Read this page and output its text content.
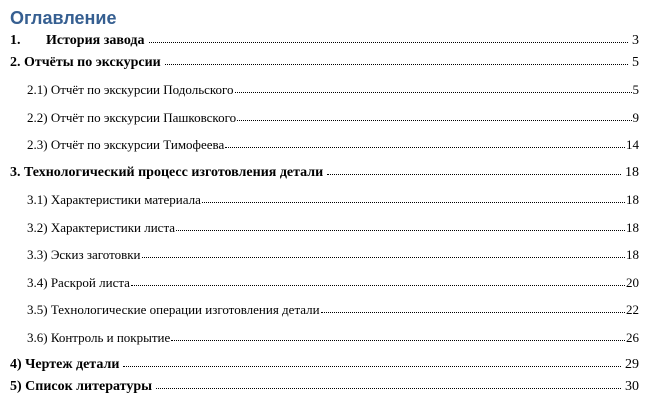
Оглавление
1.	История завода	3
2. Отчёты по экскурсии	5
2.1) Отчёт по экскурсии Подольского	5
2.2) Отчёт по экскурсии Пашковского	9
2.3) Отчёт по экскурсии Тимофеева	14
3. Технологический процесс изготовления детали	18
3.1) Характеристики материала	18
3.2) Характеристики листа	18
3.3) Эскиз заготовки	18
3.4) Раскрой листа	20
3.5) Технологические операции изготовления детали	22
3.6) Контроль и покрытие	26
4) Чертеж детали	29
5) Список литературы	30
